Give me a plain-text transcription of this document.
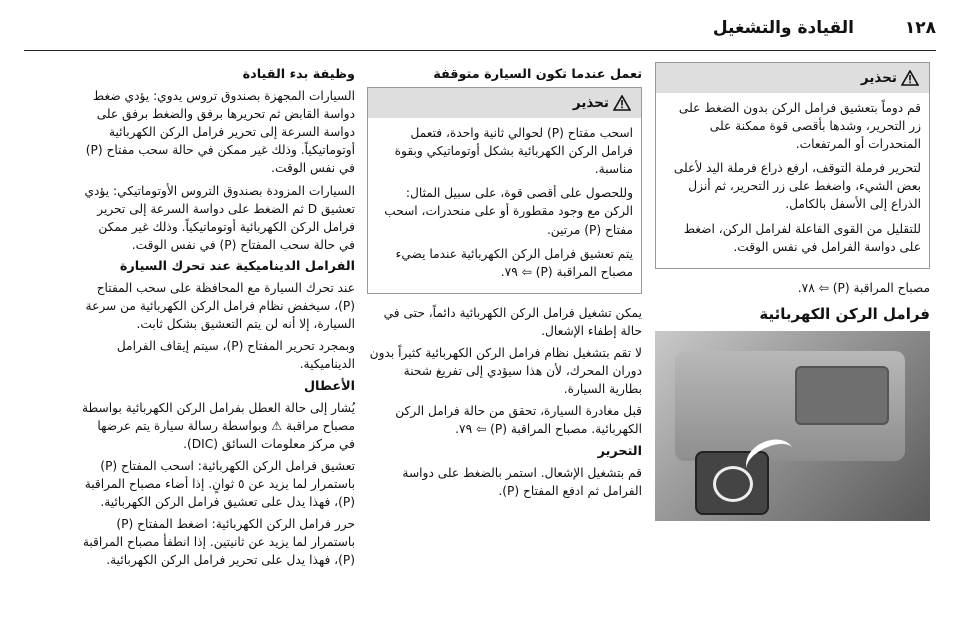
١٢٨
القيادة والتشغيل
تحذير

قم دوماً بتعشيق فرامل الركن بدون الضغط على زر التحرير، وشدها بأقصى قوة ممكنة على المنحدرات أو المرتفعات.

لتحرير فرملة التوقف، ارفع ذراع فرملة اليد لأعلى بعض الشيء، واضغط على زر التحرير، ثم أنزل الذراع إلى الأسفل بالكامل.

للتقليل من القوى الفاعلة لفرامل الركن، اضغط على دواسة الفرامل في نفس الوقت.

مصباح المراقبة (P) ⇦ ٧٨.

فرامل الركن الكهربائية
تعمل عندما تكون السيارة متوقفة
تحذير

اسحب مفتاح (P) لحوالي ثانية واحدة، فتعمل فرامل الركن الكهربائية بشكل أوتوماتيكي وبقوة مناسبة.

وللحصول على أقصى قوة، على سبيل المثال: الركن مع وجود مقطورة أو على منحدرات، اسحب مفتاح (P) مرتين.

يتم تعشيق فرامل الركن الكهربائية عندما يضيء مصباح المراقبة (P) ⇦ ٧٩.

يمكن تشغيل فرامل الركن الكهربائية دائماً، حتى في حالة إطفاء الإشعال.

لا تقم بتشغيل نظام فرامل الركن الكهربائية كثيراً بدون دوران المحرك، لأن هذا سيؤدي إلى تفريغ شحنة بطارية السيارة.

قبل مغادرة السيارة، تحقق من حالة فرامل الركن الكهربائية. مصباح المراقبة (P) ⇦ ٧٩.

التحرير

قم بتشغيل الإشعال. استمر بالضغط على دواسة الفرامل ثم ادفع المفتاح (P).

وظيفة بدء القيادة

السيارات المجهزة بصندوق تروس يدوي: يؤدي ضغط دواسة القابض ثم تحريرها برفق والضغط برفق على دواسة السرعة إلى تحرير فرامل الركن الكهربائية أوتوماتيكياً. وذلك غير ممكن في حالة سحب مفتاح (P) في نفس الوقت.

السيارات المزودة بصندوق التروس الأوتوماتيكي: يؤدي تعشيق D ثم الضغط على دواسة السرعة إلى تحرير فرامل الركن الكهربائية أوتوماتيكياً. وذلك غير ممكن في حالة سحب المفتاح (P) في نفس الوقت.

الفرامل الديناميكية عند تحرك السيارة

عند تحرك السيارة مع المحافظة على سحب المفتاح (P)، سيخفض نظام فرامل الركن الكهربائية من سرعة السيارة، إلا أنه لن يتم التعشيق بشكل ثابت.

وبمجرد تحرير المفتاح (P)، سيتم إيقاف الفرامل الديناميكية.

الأعطال

يُشار إلى حالة العطل بفرامل الركن الكهربائية بواسطة مصباح مراقبة ⚠ وبواسطة رسالة سيارة يتم عرضها في مركز معلومات السائق (DIC).

تعشيق فرامل الركن الكهربائية: اسحب المفتاح (P) باستمرار لما يزيد عن ٥ ثوانٍ. إذا أضاء مصباح المراقبة (P)، فهذا يدل على تعشيق فرامل الركن الكهربائية.

حرر فرامل الركن الكهربائية: اضغط المفتاح (P) باستمرار لما يزيد عن ثانيتين. إذا انطفأ مصباح المراقبة (P)، فهذا يدل على تحرير فرامل الركن الكهربائية.
